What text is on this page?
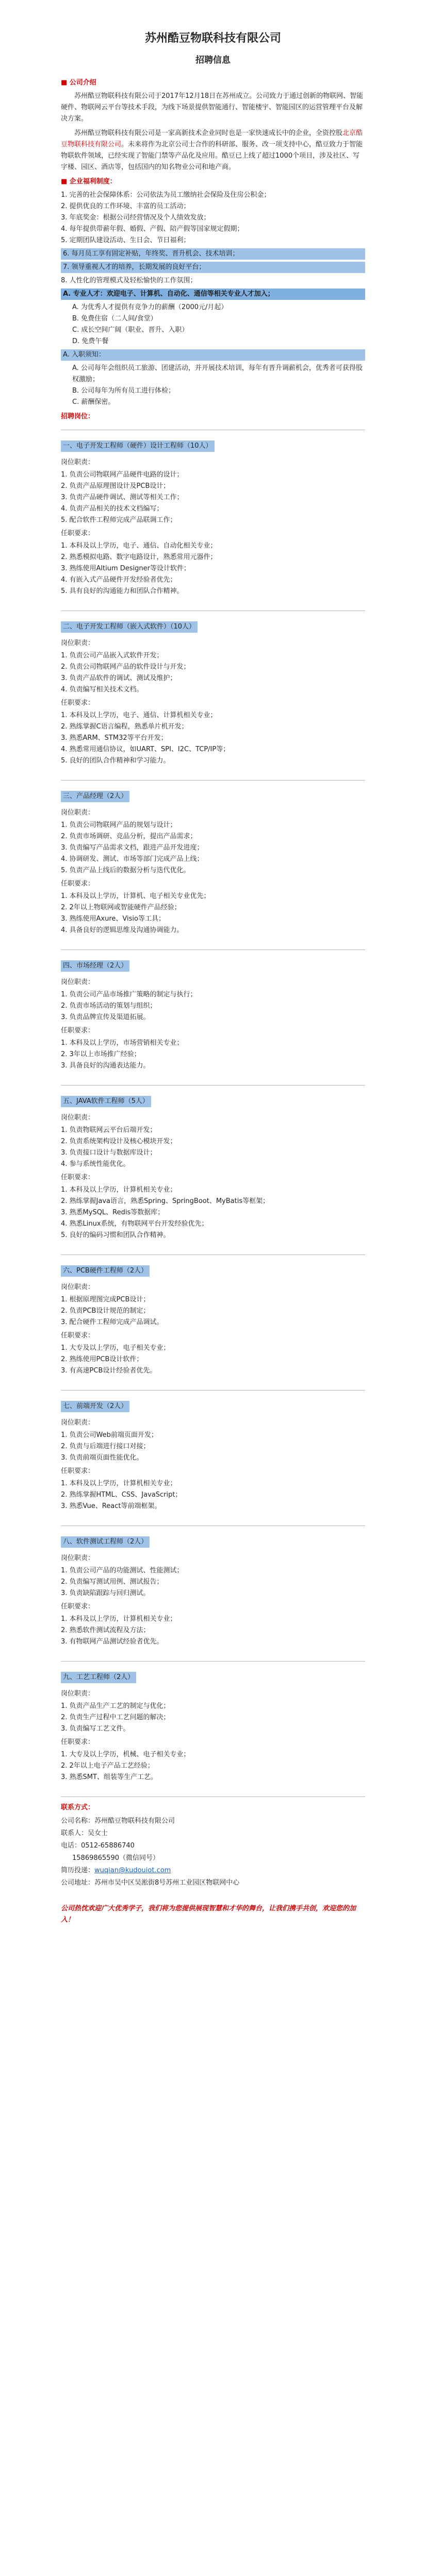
苏州酷豆物联科技有限公司
招聘信息
■ 公司介绍

苏州酷豆物联科技有限公司于2017年12月18日在苏州成立。公司致力于通过创新的物联网、智能硬件、物联网云平台等技术手段，为线下场景提供智能通行、智能楼宇、智能园区的运营管理平台及解决方案。

苏州酷豆物联科技有限公司是一家高新技术企业同时也是一家快速成长中的企业，全资控股北京酷豆物联科技有限公司。未来将作为北京公司士合作的科研部、服务、改一项支持中心，酷豆致力于智能物联软件领域，已经实现了智能门禁等产品化及应用。酷豆已上线了超过1000个项目，涉及社区、写字楼、园区、酒店等，包括国内的知名物业公司和地产商。

■ 企业福利制度：

1. 完善的社会保障体系：公司依法为员工缴纳社会保险及住房公积金；

2. 提供优良的工作环境、丰富的员工活动；

3. 年底奖金：根据公司经营情况及个人绩效发放；

4. 每年提供带薪年假、婚假、产假、陪产假等国家规定假期；

5. 定期团队建设活动、生日会、节日福利；

6. 每月员工享有固定补贴，年终奖、晋升机会、技术培训；
7. 领导重视人才的培养，长期发展的良好平台；

8. 人性化的管理模式及轻松愉快的工作氛围；

A. 专业人才：欢迎电子、计算机、自动化、通信等相关专业人才加入；

A. 为优秀人才提供有竞争力的薪酬（2000元/月起）

B. 免费住宿（二人间/食堂）

C. 成长空间广阔（职业、晋升、入职）

D. 免费午餐

A. 入职须知：

A. 公司每年会组织员工旅游、团建活动，并开展技术培训，每年有晋升调薪机会，优秀者可获得股权激励；

B. 公司每年为所有员工进行体检；

C. 薪酬保密。

招聘岗位：
一、电子开发工程师（硬件）设计工程师（10人）

岗位职责：

1. 负责公司物联网产品硬件电路的设计；

2. 负责产品原理图设计及PCB设计；

3. 负责产品硬件调试、测试等相关工作；

4. 负责产品相关的技术文档编写；

5. 配合软件工程师完成产品联调工作；

任职要求：

1. 本科及以上学历，电子、通信、自动化相关专业；

2. 熟悉模拟电路、数字电路设计，熟悉常用元器件；

3. 熟练使用Altium Designer等设计软件；

4. 有嵌入式产品硬件开发经验者优先；

5. 具有良好的沟通能力和团队合作精神。

二、电子开发工程师（嵌入式软件）（10人）

岗位职责：

1. 负责公司产品嵌入式软件开发；

2. 负责公司物联网产品的软件设计与开发；

3. 负责产品软件的调试、测试及维护；

4. 负责编写相关技术文档。

任职要求：

1. 本科及以上学历，电子、通信、计算机相关专业；

2. 熟练掌握C语言编程，熟悉单片机开发；

3. 熟悉ARM、STM32等平台开发；

4. 熟悉常用通信协议，如UART、SPI、I2C、TCP/IP等；

5. 良好的团队合作精神和学习能力。

三、产品经理（2人）

岗位职责：

1. 负责公司物联网产品的规划与设计；

2. 负责市场调研、竞品分析，提出产品需求；

3. 负责编写产品需求文档，跟进产品开发进度；

4. 协调研发、测试、市场等部门完成产品上线；

5. 负责产品上线后的数据分析与迭代优化。

任职要求：

1. 本科及以上学历，计算机、电子相关专业优先；

2. 2年以上物联网或智能硬件产品经验；

3. 熟练使用Axure、Visio等工具；

4. 具备良好的逻辑思维及沟通协调能力。

四、市场经理（2人）

岗位职责：

1. 负责公司产品市场推广策略的制定与执行；

2. 负责市场活动的策划与组织；

3. 负责品牌宣传及渠道拓展。

任职要求：

1. 本科及以上学历，市场营销相关专业；

2. 3年以上市场推广经验；

3. 具备良好的沟通表达能力。

五、JAVA软件工程师（5人）

岗位职责：

1. 负责物联网云平台后端开发；

2. 负责系统架构设计及核心模块开发；

3. 负责接口设计与数据库设计；

4. 参与系统性能优化。

任职要求：

1. 本科及以上学历，计算机相关专业；

2. 熟练掌握Java语言，熟悉Spring、SpringBoot、MyBatis等框架；

3. 熟悉MySQL、Redis等数据库；

4. 熟悉Linux系统，有物联网平台开发经验优先；

5. 良好的编码习惯和团队合作精神。

六、PCB硬件工程师（2人）

岗位职责：

1. 根据原理图完成PCB设计；

2. 负责PCB设计规范的制定；

3. 配合硬件工程师完成产品调试。

任职要求：

1. 大专及以上学历，电子相关专业；

2. 熟练使用PCB设计软件；

3. 有高速PCB设计经验者优先。

七、前端开发（2人）

岗位职责：

1. 负责公司Web前端页面开发；

2. 负责与后端进行接口对接；

3. 负责前端页面性能优化。

任职要求：

1. 本科及以上学历，计算机相关专业；

2. 熟练掌握HTML、CSS、JavaScript；

3. 熟悉Vue、React等前端框架。

八、软件测试工程师（2人）

岗位职责：

1. 负责公司产品的功能测试、性能测试；

2. 负责编写测试用例、测试报告；

3. 负责缺陷跟踪与回归测试。

任职要求：

1. 本科及以上学历，计算机相关专业；

2. 熟悉软件测试流程及方法；

3. 有物联网产品测试经验者优先。

九、工艺工程师（2人）

岗位职责：

1. 负责产品生产工艺的制定与优化；

2. 负责生产过程中工艺问题的解决；

3. 负责编写工艺文件。

任职要求：

1. 大专及以上学历，机械、电子相关专业；

2. 2年以上电子产品工艺经验；

3. 熟悉SMT、组装等生产工艺。

联系方式：

公司名称：苏州酷豆物联科技有限公司

联系人：吴女士

电话：0512-65886740

15869865590（微信同号）

简历投递：wuqian@kudouiot.com

公司地址：苏州市吴中区吴淞街8号苏州工业园区物联网中心

公司热忱欢迎广大优秀学子，我们将为您提供展现智慧和才华的舞台，让我们携手共创，欢迎您的加入！
